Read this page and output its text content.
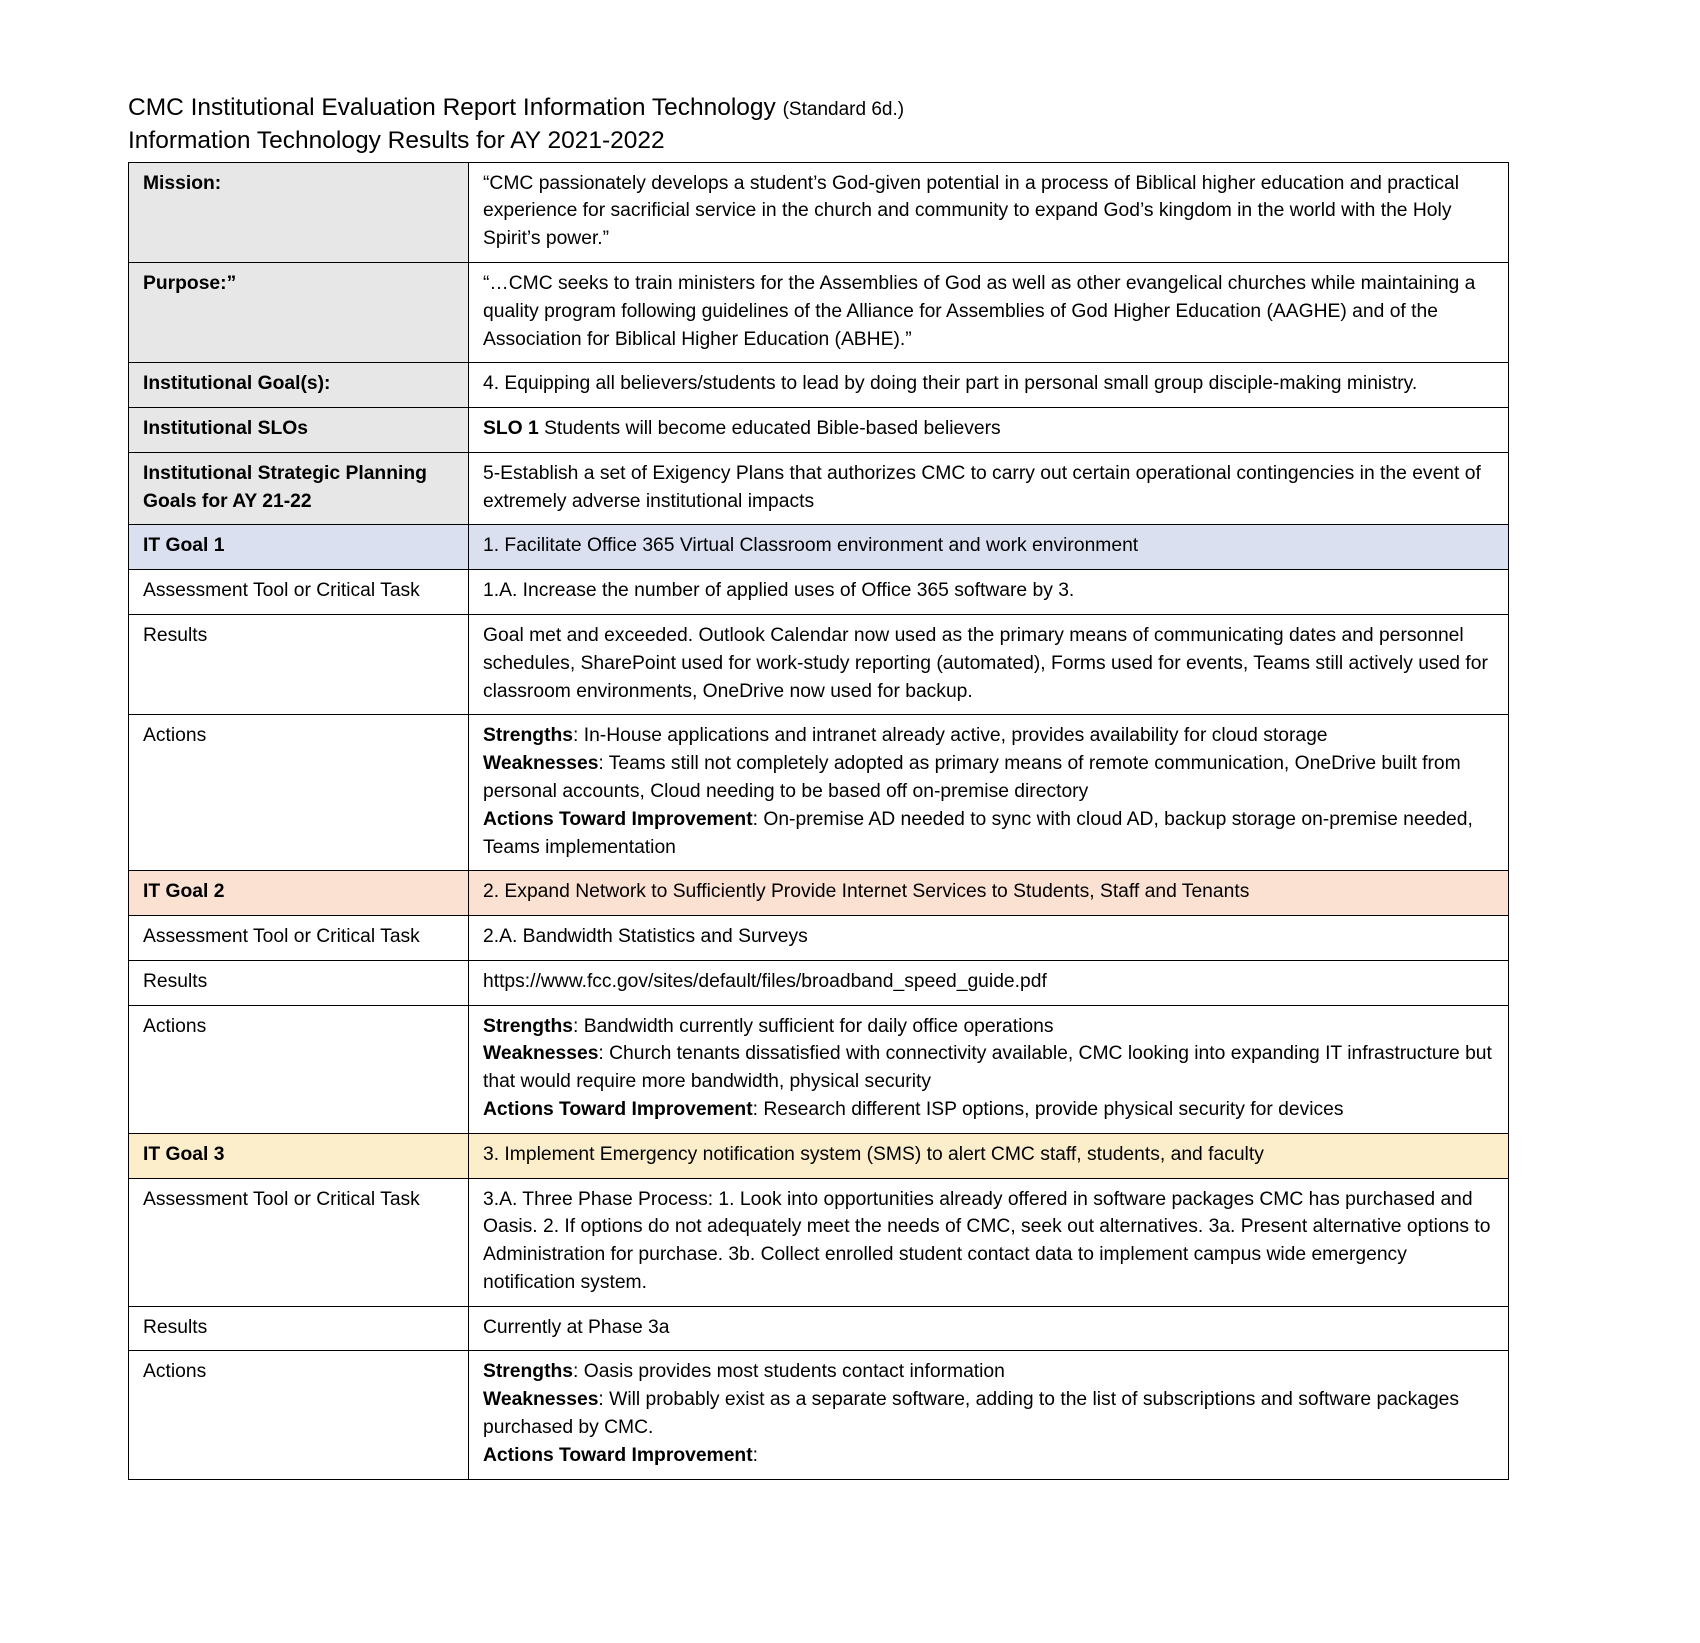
CMC Institutional Evaluation Report Information Technology (Standard 6d.)
Information Technology Results for AY 2021-2022
Mission:	“CMC passionately develops a student’s God-given potential in a process of Biblical higher education and practical experience for sacrificial service in the church and community to expand God’s kingdom in the world with the Holy Spirit’s power.”
Purpose:”	“…CMC seeks to train ministers for the Assemblies of God as well as other evangelical churches while maintaining a quality program following guidelines of the Alliance for Assemblies of God Higher Education (AAGHE) and of the Association for Biblical Higher Education (ABHE).”
Institutional Goal(s):	4. Equipping all believers/students to lead by doing their part in personal small group disciple-making ministry.
Institutional SLOs	SLO 1 Students will become educated Bible-based believers
Institutional Strategic Planning Goals for AY 21-22	5-Establish a set of Exigency Plans that authorizes CMC to carry out certain operational contingencies in the event of extremely adverse institutional impacts
IT Goal 1	1. Facilitate Office 365 Virtual Classroom environment and work environment
Assessment Tool or Critical Task	1.A. Increase the number of applied uses of Office 365 software by 3.
Results	Goal met and exceeded. Outlook Calendar now used as the primary means of communicating dates and personnel schedules, SharePoint used for work-study reporting (automated), Forms used for events, Teams still actively used for classroom environments, OneDrive now used for backup.
Actions	Strengths: In-House applications and intranet already active, provides availability for cloud storage
Weaknesses: Teams still not completely adopted as primary means of remote communication, OneDrive built from personal accounts, Cloud needing to be based off on-premise directory
Actions Toward Improvement: On-premise AD needed to sync with cloud AD, backup storage on-premise needed, Teams implementation

IT Goal 2	2. Expand Network to Sufficiently Provide Internet Services to Students, Staff and Tenants
Assessment Tool or Critical Task	2.A. Bandwidth Statistics and Surveys
Results	https://www.fcc.gov/sites/default/files/broadband_speed_guide.pdf
Actions	Strengths: Bandwidth currently sufficient for daily office operations
Weaknesses: Church tenants dissatisfied with connectivity available, CMC looking into expanding IT infrastructure but that would require more bandwidth, physical security
Actions Toward Improvement: Research different ISP options, provide physical security for devices

IT Goal 3	3. Implement Emergency notification system (SMS) to alert CMC staff, students, and faculty
Assessment Tool or Critical Task	3.A. Three Phase Process: 1. Look into opportunities already offered in software packages CMC has purchased and Oasis. 2. If options do not adequately meet the needs of CMC, seek out alternatives. 3a. Present alternative options to Administration for purchase. 3b. Collect enrolled student contact data to implement campus wide emergency notification system.
Results	Currently at Phase 3a
Actions	Strengths: Oasis provides most students contact information
Weaknesses: Will probably exist as a separate software, adding to the list of subscriptions and software packages purchased by CMC.
Actions Toward Improvement:
